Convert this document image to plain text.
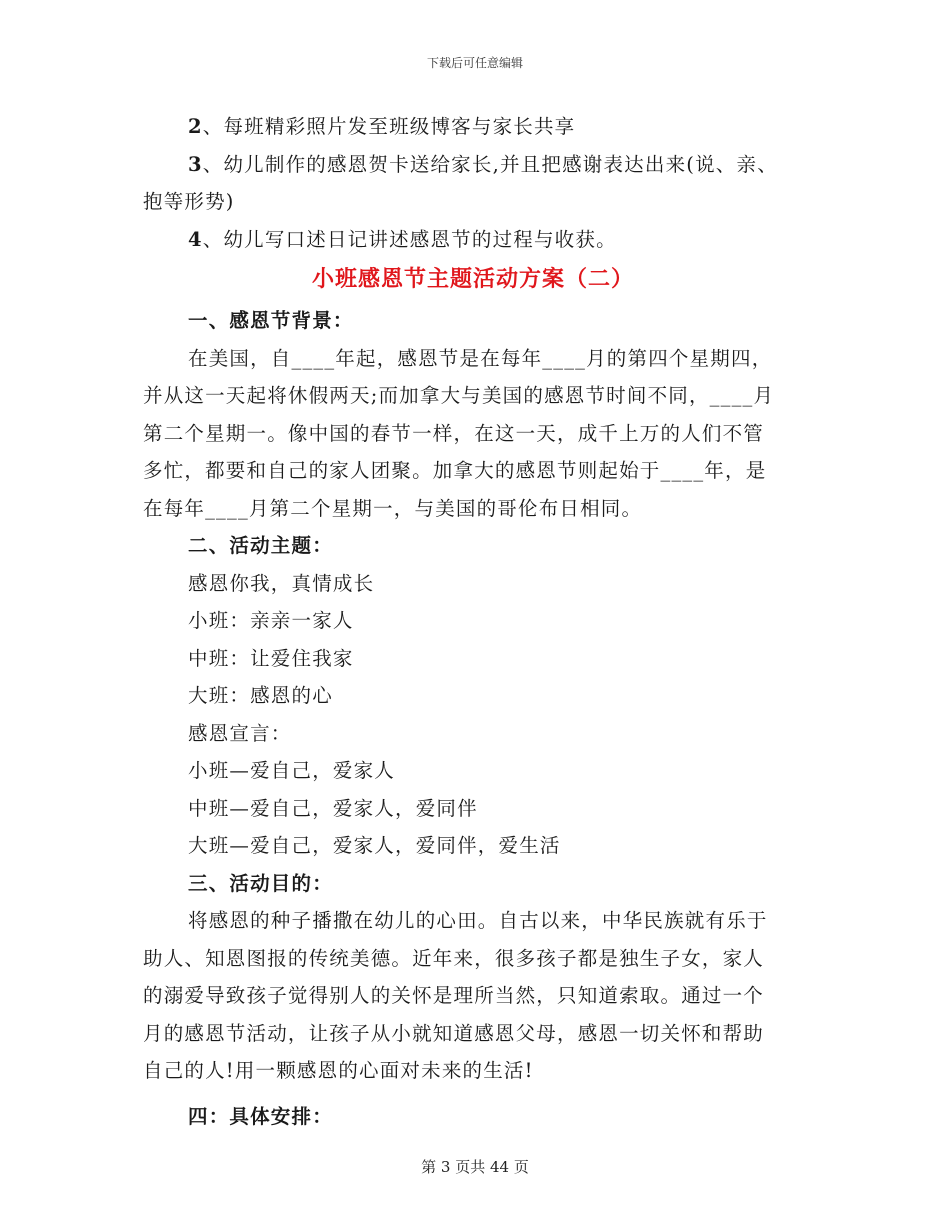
下载后可任意编辑
2、每班精彩照片发至班级博客与家长共享
3、幼儿制作的感恩贺卡送给家长,并且把感谢表达出来(说、亲、
抱等形势)
4、幼儿写口述日记讲述感恩节的过程与收获。
小班感恩节主题活动方案（二）
一、感恩节背景：
在美国，自____年起，感恩节是在每年____月的第四个星期四，
并从这一天起将休假两天;而加拿大与美国的感恩节时间不同，____月
第二个星期一。像中国的春节一样，在这一天，成千上万的人们不管
多忙，都要和自己的家人团聚。加拿大的感恩节则起始于____年，是
在每年____月第二个星期一，与美国的哥伦布日相同。
二、活动主题：
感恩你我，真情成长
小班：亲亲一家人
中班：让爱住我家
大班：感恩的心
感恩宣言：
小班—爱自己，爱家人
中班—爱自己，爱家人，爱同伴
大班—爱自己，爱家人，爱同伴，爱生活
三、活动目的：
将感恩的种子播撒在幼儿的心田。自古以来，中华民族就有乐于
助人、知恩图报的传统美德。近年来，很多孩子都是独生子女，家人
的溺爱导致孩子觉得别人的关怀是理所当然，只知道索取。通过一个
月的感恩节活动，让孩子从小就知道感恩父母，感恩一切关怀和帮助
自己的人!用一颗感恩的心面对未来的生活!
四：具体安排：
第 3 页共 44 页
